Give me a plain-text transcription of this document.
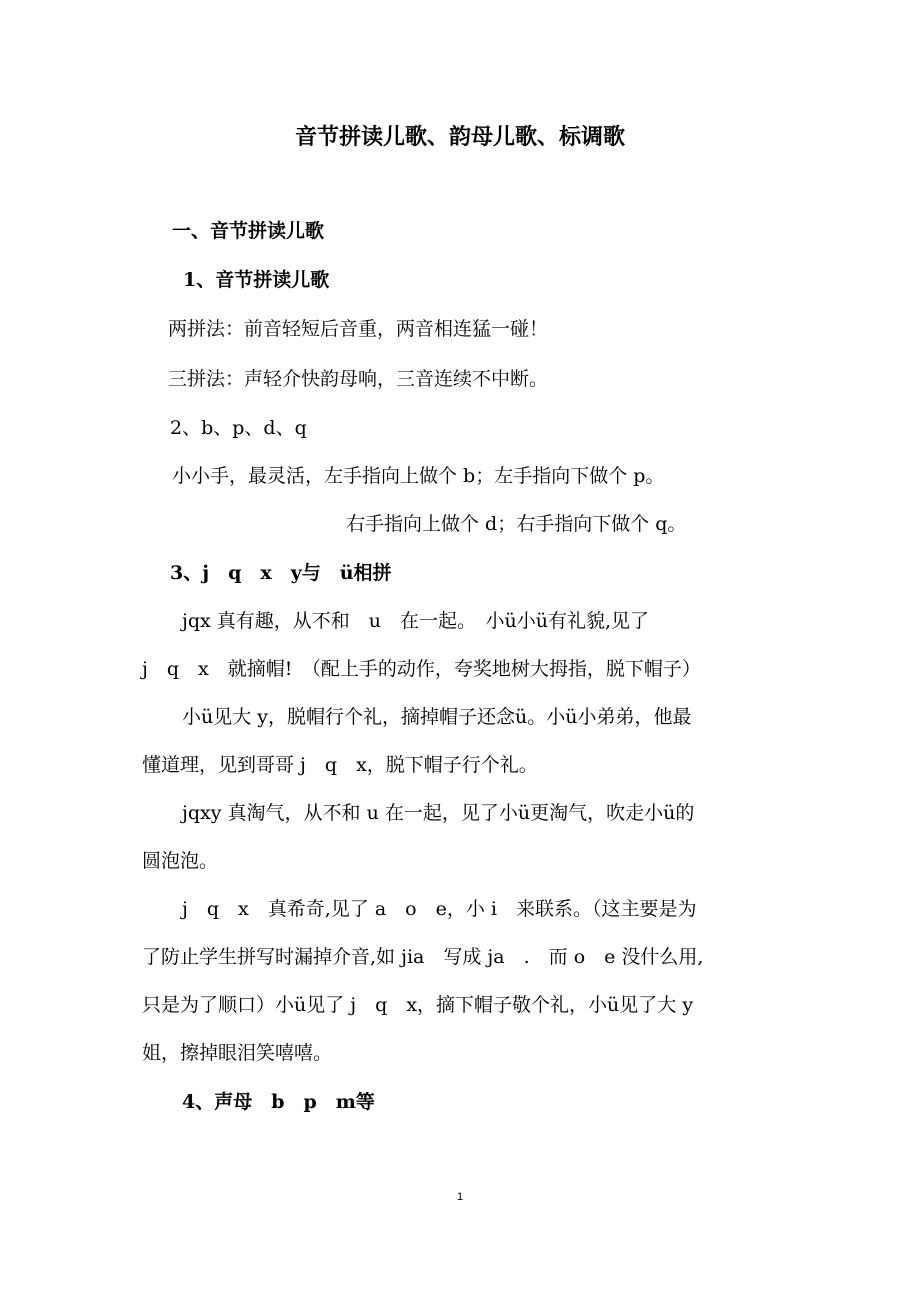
音节拼读儿歌、韵母儿歌、标调歌
一、音节拼读儿歌
1、音节拼读儿歌
两拼法：前音轻短后音重，两音相连猛一碰！
三拼法：声轻介快韵母响，三音连续不中断。
2、b、p、d、q
小小手，最灵活，左手指向上做个 b；左手指向下做个 p。
右手指向上做个 d；右手指向下做个 q。
3、j　q　x　y与　ü相拼
jqx 真有趣，从不和　u　在一起。　小ü小ü有礼貌,见了
j　q　x　就摘帽!　（配上手的动作，夸奖地树大拇指，脱下帽子）
小ü见大 y，脱帽行个礼，摘掉帽子还念ü。小ü小弟弟，他最
懂道理，见到哥哥 j　q　x，脱下帽子行个礼。
jqxy 真淘气，从不和 u 在一起，见了小ü更淘气，吹走小ü的
圆泡泡。
j　q　x　真希奇,见了 a　o　e，小 i　来联系。（这主要是为
了防止学生拼写时漏掉介音,如 jia　写成 ja　.　而 o　e 没什么用,
只是为了顺口）小ü见了 j　q　x，摘下帽子敬个礼，小ü见了大 y
姐，擦掉眼泪笑嘻嘻。
4、声母　b　p　m等
1
